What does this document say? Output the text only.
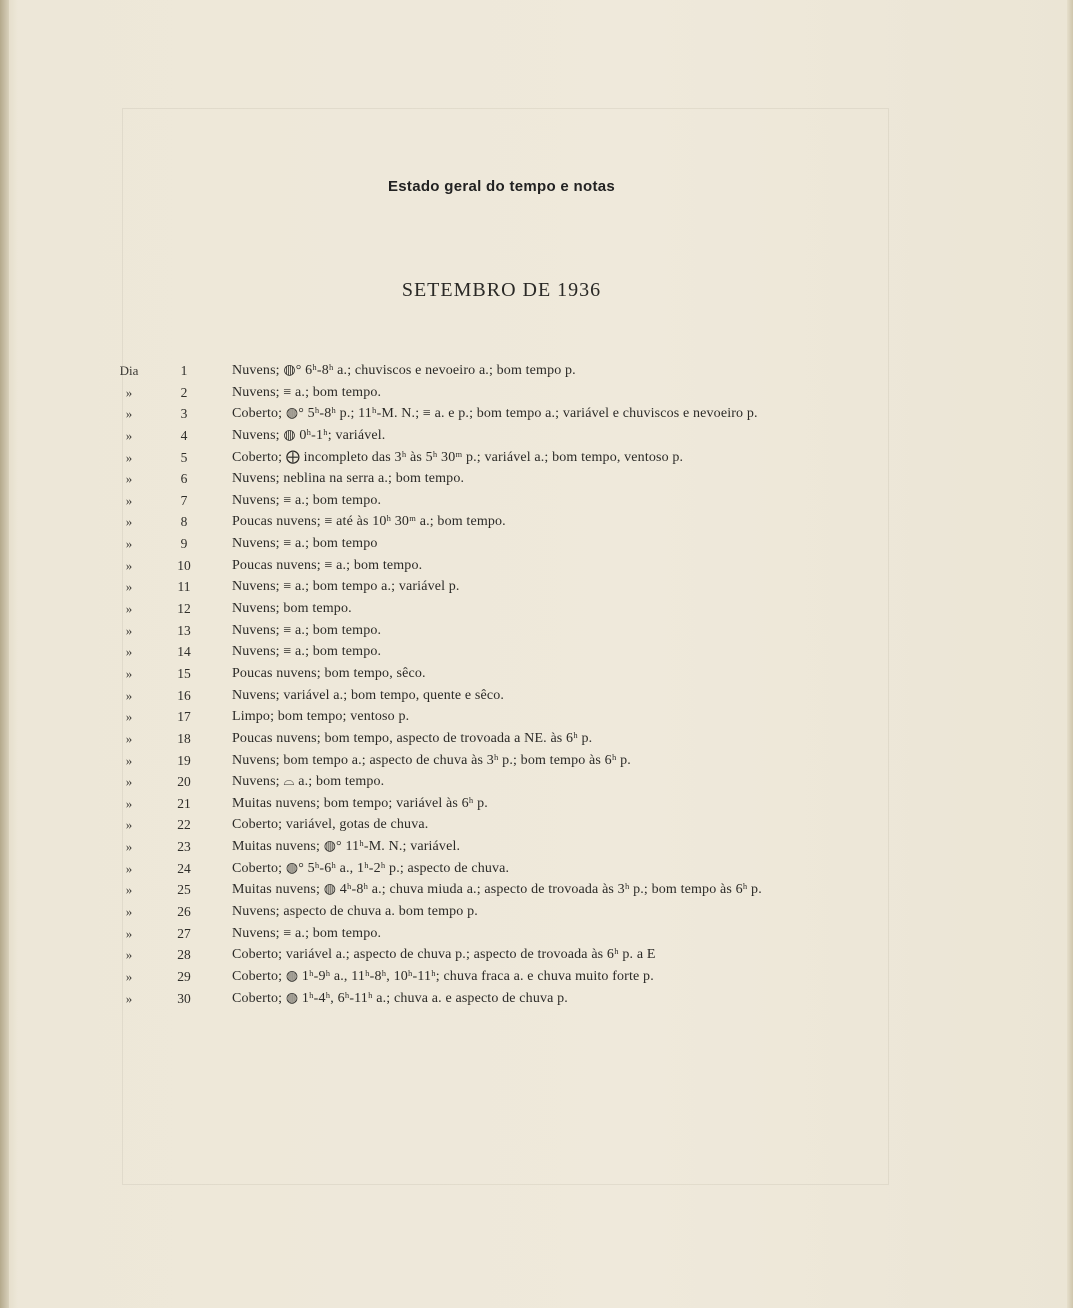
Estado geral do tempo e notas
SETEMBRO DE 1936
Dia	1	Nuvens; ◍° 6ʰ-8ʰ a.; chuviscos e nevoeiro a.; bom tempo p.
»	2	Nuvens; ≡ a.; bom tempo.
»	3	Coberto; ◍° 5ʰ-8ʰ p.; 11ʰ-M. N.; ≡ a. e p.; bom tempo a.; variável e chuviscos e nevoeiro p.
»	4	Nuvens; ◍ 0ʰ-1ʰ; variável.
»	5	Coberto; ⨁ incompleto das 3ʰ às 5ʰ 30ᵐ p.; variável a.; bom tempo, ventoso p.
»	6	Nuvens; neblina na serra a.; bom tempo.
»	7	Nuvens; ≡ a.; bom tempo.
»	8	Poucas nuvens; ≡ até às 10ʰ 30ᵐ a.; bom tempo.
»	9	Nuvens; ≡ a.; bom tempo
»	10	Poucas nuvens; ≡ a.; bom tempo.
»	11	Nuvens; ≡ a.; bom tempo a.; variável p.
»	12	Nuvens; bom tempo.
»	13	Nuvens; ≡ a.; bom tempo.
»	14	Nuvens; ≡ a.; bom tempo.
»	15	Poucas nuvens; bom tempo, sêco.
»	16	Nuvens; variável a.; bom tempo, quente e sêco.
»	17	Limpo; bom tempo; ventoso p.
»	18	Poucas nuvens; bom tempo, aspecto de trovoada a NE. às 6ʰ p.
»	19	Nuvens; bom tempo a.; aspecto de chuva às 3ʰ p.; bom tempo às 6ʰ p.
»	20	Nuvens; ⌓ a.; bom tempo.
»	21	Muitas nuvens; bom tempo; variável às 6ʰ p.
»	22	Coberto; variável, gotas de chuva.
»	23	Muitas nuvens; ◍° 11ʰ-M. N.; variável.
»	24	Coberto; ◍° 5ʰ-6ʰ a., 1ʰ-2ʰ p.; aspecto de chuva.
»	25	Muitas nuvens; ◍ 4ʰ-8ʰ a.; chuva miuda a.; aspecto de trovoada às 3ʰ p.; bom tempo às 6ʰ p.
»	26	Nuvens; aspecto de chuva a. bom tempo p.
»	27	Nuvens; ≡ a.; bom tempo.
»	28	Coberto; variável a.; aspecto de chuva p.; aspecto de trovoada às 6ʰ p. a E
»	29	Coberto; ◍ 1ʰ-9ʰ a., 11ʰ-8ʰ, 10ʰ-11ʰ; chuva fraca a. e chuva muito forte p.
»	30	Coberto; ◍ 1ʰ-4ʰ, 6ʰ-11ʰ a.; chuva a. e aspecto de chuva p.
